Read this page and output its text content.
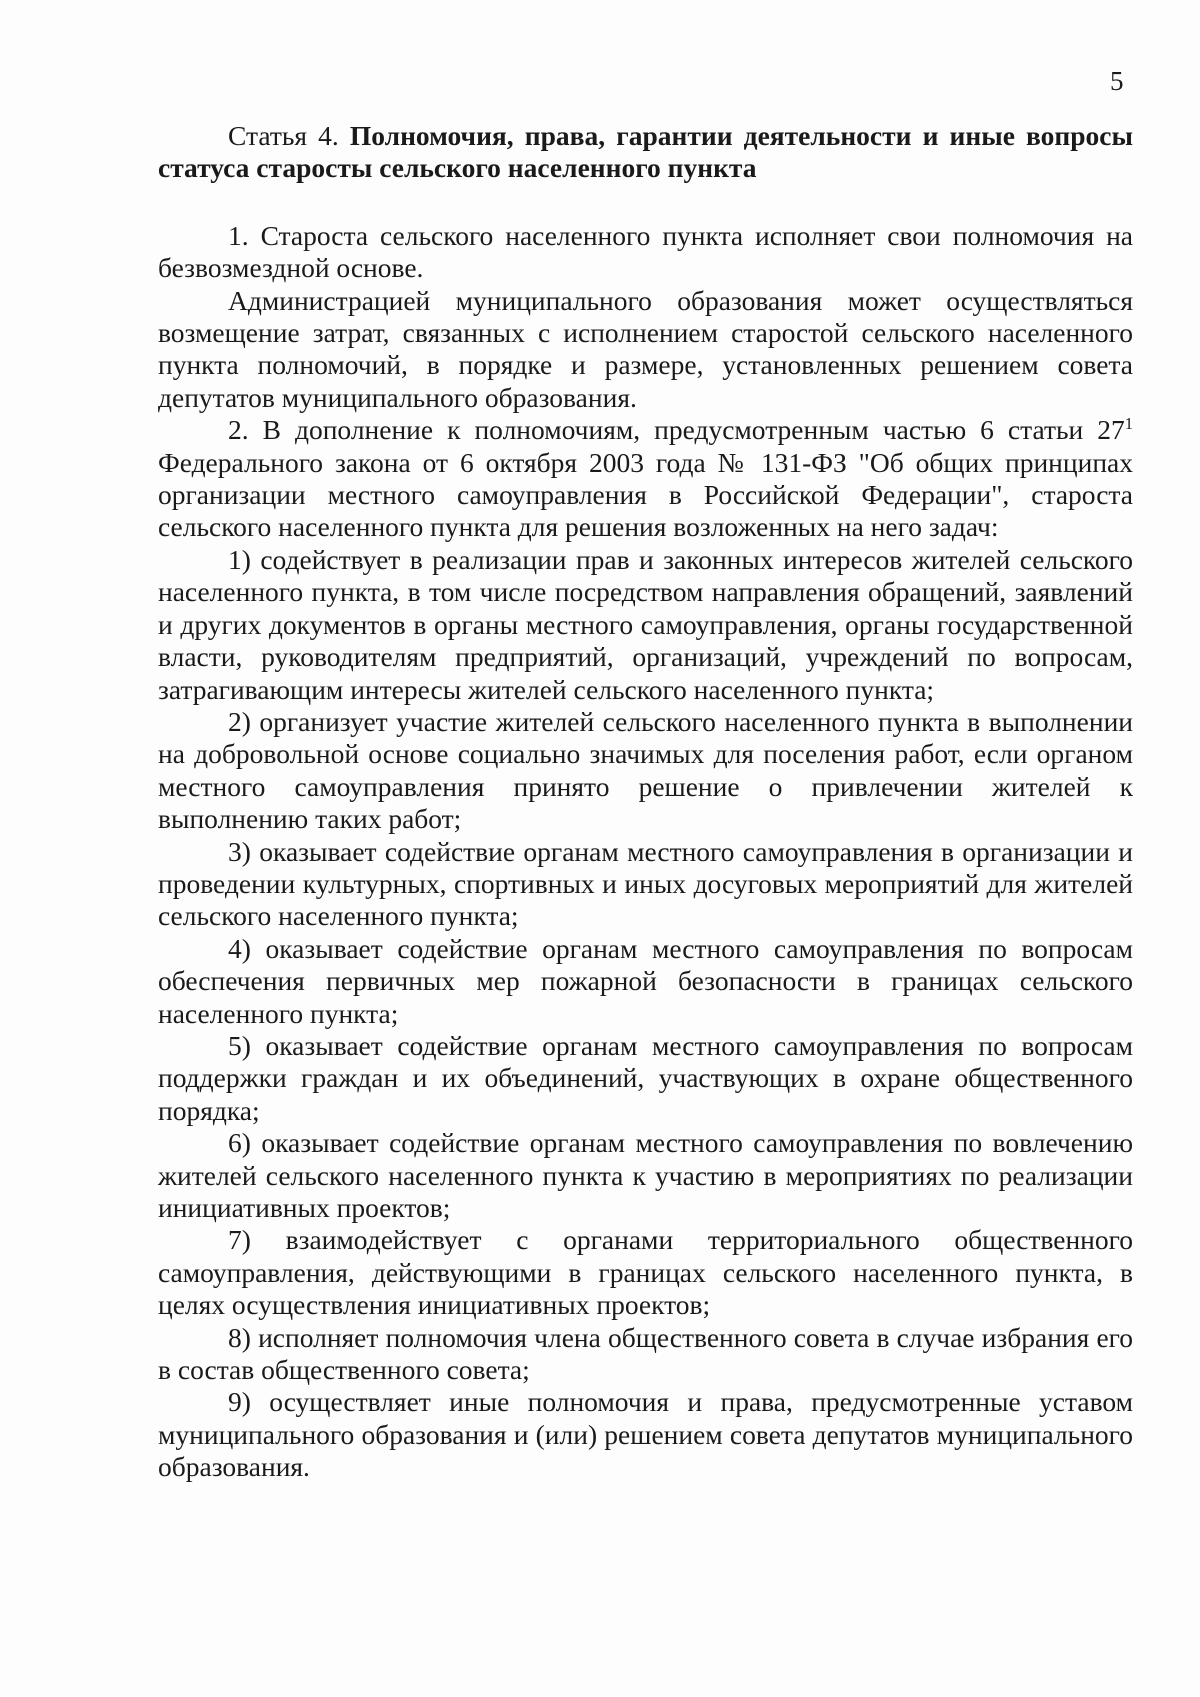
5

Статья 4. Полномочия, права, гарантии деятельности и иные вопросы статуса старосты сельского населенного пункта

1. Староста сельского населенного пункта исполняет свои полномочия на безвозмездной основе.

Администрацией муниципального образования может осуществляться возмещение затрат, связанных с исполнением старостой сельского населенного пункта полномочий, в порядке и размере, установленных решением совета депутатов муниципального образования.

2. В дополнение к полномочиям, предусмотренным частью 6 статьи $27^1$ Федерального закона от 6 октября 2003 года № 131-ФЗ "Об общих принципах организации местного самоуправления в Российской Федерации", староста сельского населенного пункта для решения возложенных на него задач:

1) содействует в реализации прав и законных интересов жителей сельского населенного пункта, в том числе посредством направления обращений, заявлений и других документов в органы местного самоуправления, органы государственной власти, руководителям предприятий, организаций, учреждений по вопросам, затрагивающим интересы жителей сельского населенного пункта;

2) организует участие жителей сельского населенного пункта в выполнении на добровольной основе социально значимых для поселения работ, если органом местного самоуправления принято решение о привлечении жителей к выполнению таких работ;

3) оказывает содействие органам местного самоуправления в организации и проведении культурных, спортивных и иных досуговых мероприятий для жителей сельского населенного пункта;

4) оказывает содействие органам местного самоуправления по вопросам обеспечения первичных мер пожарной безопасности в границах сельского населенного пункта;

5) оказывает содействие органам местного самоуправления по вопросам поддержки граждан и их объединений, участвующих в охране общественного порядка;

6) оказывает содействие органам местного самоуправления по вовлечению жителей сельского населенного пункта к участию в мероприятиях по реализации инициативных проектов;

7) взаимодействует с органами территориального общественного самоуправления, действующими в границах сельского населенного пункта, в целях осуществления инициативных проектов;

8) исполняет полномочия члена общественного совета в случае избрания его в состав общественного совета;

9) осуществляет иные полномочия и права, предусмотренные уставом муниципального образования и (или) решением совета депутатов муниципального образования.
